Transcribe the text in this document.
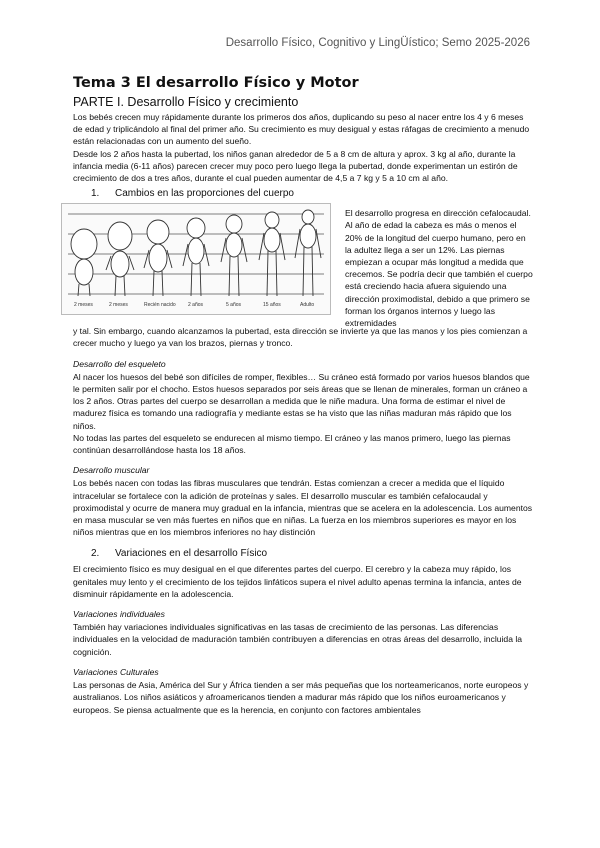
Desarrollo Físico, Cognitivo y LingÜístico; Semo 2025-2026
Tema 3 El desarrollo Físico y Motor
PARTE I. Desarrollo Físico y crecimiento

Los bebés crecen muy rápidamente durante los primeros dos años, duplicando su peso al nacer entre los 4 y 6 meses de edad y triplicándolo al final del primer año. Su crecimiento es muy desigual y estas ráfagas de crecimiento a menudo están relacionadas con un aumento del sueño.

Desde los 2 años hasta la pubertad, los niños ganan alrededor de 5 a 8 cm de altura y aprox. 3 kg al año, durante la infancia media (6-11 años) parecen crecer muy poco pero luego llega la pubertad, donde experimentan un estirón de crecimiento de dos a tres años, durante el cual pueden aumentar de 4,5 a 7 kg y 5 a 10 cm al año.

1. Cambios en las proporciones del cuerpo
2 meses	2 meses	Recién nacido 2 años	5 años	15 años	Adulto

El desarrollo progresa en dirección cefalocaudal. Al año de edad la cabeza es más o menos el 20% de la longitud del cuerpo humano, pero en la adultez llega a ser un 12%. Las piernas empiezan a ocupar más longitud a medida que crecemos. Se podría decir que también el cuerpo está creciendo hacia afuera siguiendo una dirección proximodistal, debido a que primero se forman los órganos internos y luego las extremidades

y tal. Sin embargo, cuando alcanzamos la pubertad, esta dirección se invierte ya que las manos y los pies comienzan a crecer mucho y luego ya van los brazos, piernas y tronco.

Desarrollo del esqueleto

Al nacer los huesos del bebé son difíciles de romper, flexibles… Su cráneo está formado por varios huesos blandos que le permiten salir por el chocho. Estos huesos separados por seis áreas que se llenan de minerales, forman un cráneo a los 2 años. Otras partes del cuerpo se desarrollan a medida que le niñe madura. Una forma de estimar el nivel de madurez física es tomando una radiografía y mediante estas se ha visto que las niñas maduran más rápido que los niños.

No todas las partes del esqueleto se endurecen al mismo tiempo. El cráneo y las manos primero, luego las piernas continúan desarrollándose hasta los 18 años.

Desarrollo muscular

Los bebés nacen con todas las fibras musculares que tendrán. Estas comienzan a crecer a medida que el líquido intracelular se fortalece con la adición de proteínas y sales. El desarrollo muscular es también cefalocaudal y proximodistal y ocurre de manera muy gradual en la infancia, mientras que se acelera en la adolescencia. Los aumentos en masa muscular se ven más fuertes en niños que en niñas. La fuerza en los miembros superiores es mayor en los niños mientras que en los miembros inferiores no hay distinción

2. Variaciones en el desarrollo Físico

El crecimiento físico es muy desigual en el que diferentes partes del cuerpo. El cerebro y la cabeza muy rápido, los genitales muy lento y el crecimiento de los tejidos linfáticos supera el nivel adulto apenas termina la infancia, antes de disminuir rápidamente en la adolescencia.

Variaciones individuales

También hay variaciones individuales significativas en las tasas de crecimiento de las personas. Las diferencias individuales en la velocidad de maduración también contribuyen a diferencias en otras áreas del desarrollo, incluida la cognición.

Variaciones Culturales

Las personas de Asia, América del Sur y África tienden a ser más pequeñas que los norteamericanos, norte europeos y australianos. Los niños asiáticos y afroamericanos tienden a madurar más rápido que los niños euroamericanos y europeos. Se piensa actualmente que es la herencia, en conjunto con factores ambientales
